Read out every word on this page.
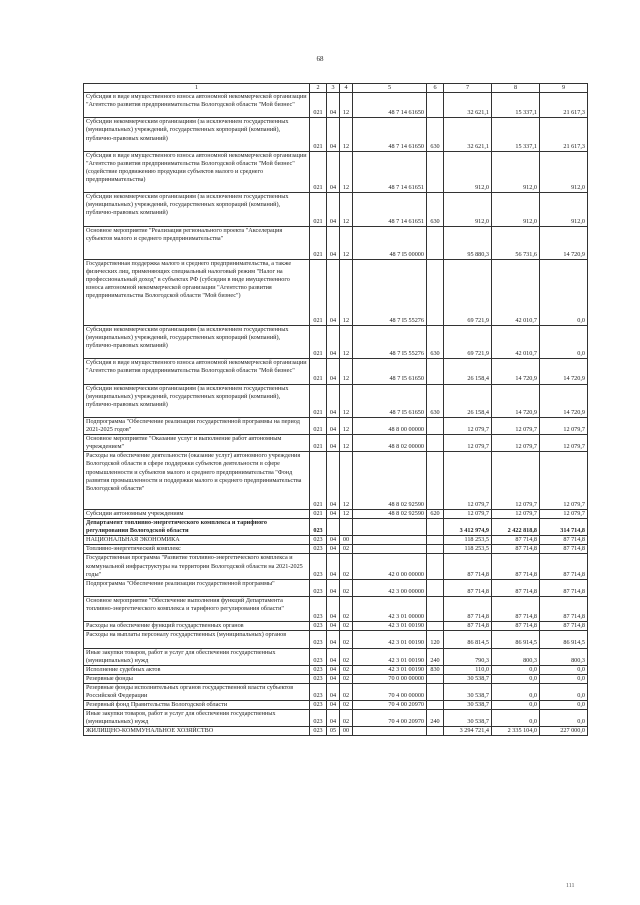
68
1	2	3	4	5	6	7	8	9
Субсидия в виде имущественного взноса автономной некоммерческой организации "Агентство развития предпринимательства Вологодской области "Мой бизнес"	021	04	12	48 7 14 61650		32 621,1	15 337,1	21 617,3
Субсидии некоммерческим организациям (за исключением государственных (муниципальных) учреждений, государственных корпораций (компаний), публично-правовых компаний)	021	04	12	48 7 14 61650	630	32 621,1	15 337,1	21 617,3
Субсидия в виде имущественного взноса автономной некоммерческой организации "Агентство развития предпринимательства Вологодской области "Мой бизнес" (содействие продвижению продукции субъектов малого и среднего предпринимательства)	021	04	12	48 7 14 61651		912,0	912,0	912,0
Субсидии некоммерческим организациям (за исключением государственных (муниципальных) учреждений, государственных корпораций (компаний), публично-правовых компаний)	021	04	12	48 7 14 61651	630	912,0	912,0	912,0
Основное мероприятие "Реализация регионального проекта "Акселерация субъектов малого и среднего предпринимательства"	021	04	12	48 7 I5 00000		95 880,3	56 731,6	14 720,9
Государственная поддержка малого и среднего предпринимательства, а также физических лиц, применяющих специальный налоговый режим "Налог на профессиональный доход" в субъектах РФ (субсидия в виде имущественного взноса автономной некоммерческой организации "Агентство развития предпринимательства Вологодской области "Мой бизнес")	021	04	12	48 7 I5 55276		69 721,9	42 010,7	0,0
Субсидии некоммерческим организациям (за исключением государственных (муниципальных) учреждений, государственных корпораций (компаний), публично-правовых компаний)	021	04	12	48 7 I5 55276	630	69 721,9	42 010,7	0,0
Субсидия в виде имущественного взноса автономной некоммерческой организации "Агентство развития предпринимательства Вологодской области "Мой бизнес"	021	04	12	48 7 I5 61650		26 158,4	14 720,9	14 720,9
Субсидии некоммерческим организациям (за исключением государственных (муниципальных) учреждений, государственных корпораций (компаний), публично-правовых компаний)	021	04	12	48 7 I5 61650	630	26 158,4	14 720,9	14 720,9
Подпрограмма "Обеспечение реализации государственной программы на период 2021-2025 годов"	021	04	12	48 8 00 00000		12 079,7	12 079,7	12 079,7
Основное мероприятие "Оказание услуг и выполнение работ автономным учреждением"	021	04	12	48 8 02 00000		12 079,7	12 079,7	12 079,7
Расходы на обеспечение деятельности (оказание услуг) автономного учреждения Вологодской области в сфере поддержки субъектов деятельности в сфере промышленности и субъектов малого и среднего предпринимательства "Фонд развития промышленности и поддержки малого и среднего предпринимательства Вологодской области"	021	04	12	48 8 02 92590		12 079,7	12 079,7	12 079,7
Субсидии автономным учреждениям	021	04	12	48 8 02 92590	620	12 079,7	12 079,7	12 079,7
Департамент топливно-энергетического комплекса и тарифного регулирования Вологодской области	023					3 412 974,9	2 422 818,8	314 714,8
НАЦИОНАЛЬНАЯ ЭКОНОМИКА	023	04	00			118 253,5	87 714,8	87 714,8
Топливно-энергетический комплекс	023	04	02			118 253,5	87 714,8	87 714,8
Государственная программа "Развитие топливно-энергетического комплекса и коммунальной инфраструктуры на территории Вологодской области на 2021-2025 годы"	023	04	02	42 0 00 00000		87 714,8	87 714,8	87 714,8
Подпрограмма "Обеспечение реализации государственной программы"	023	04	02	42 3 00 00000		87 714,8	87 714,8	87 714,8
Основное мероприятие "Обеспечение выполнения функций Департамента топливно-энергетического комплекса и тарифного регулирования области"	023	04	02	42 3 01 00000		87 714,8	87 714,8	87 714,8
Расходы на обеспечение функций государственных органов	023	04	02	42 3 01 00190		87 714,8	87 714,8	87 714,8
Расходы на выплаты персоналу государственных (муниципальных) органов	023	04	02	42 3 01 00190	120	86 814,5	86 914,5	86 914,5
Иные закупки товаров, работ и услуг для обеспечения государственных (муниципальных) нужд	023	04	02	42 3 01 00190	240	790,3	800,3	800,3
Исполнение судебных актов	023	04	02	42 3 01 00190	830	110,0	0,0	0,0
Резервные фонды	023	04	02	70 0 00 00000		30 538,7	0,0	0,0
Резервные фонды исполнительных органов государственной власти субъектов Российской Федерации	023	04	02	70 4 00 00000		30 538,7	0,0	0,0
Резервный фонд Правительства Вологодской области	023	04	02	70 4 00 20970		30 538,7	0,0	0,0
Иные закупки товаров, работ и услуг для обеспечения государственных (муниципальных) нужд	023	04	02	70 4 00 20970	240	30 538,7	0,0	0,0
ЖИЛИЩНО-КОММУНАЛЬНОЕ ХОЗЯЙСТВО	023	05	00			3 294 721,4	2 335 104,0	227 000,0
111
